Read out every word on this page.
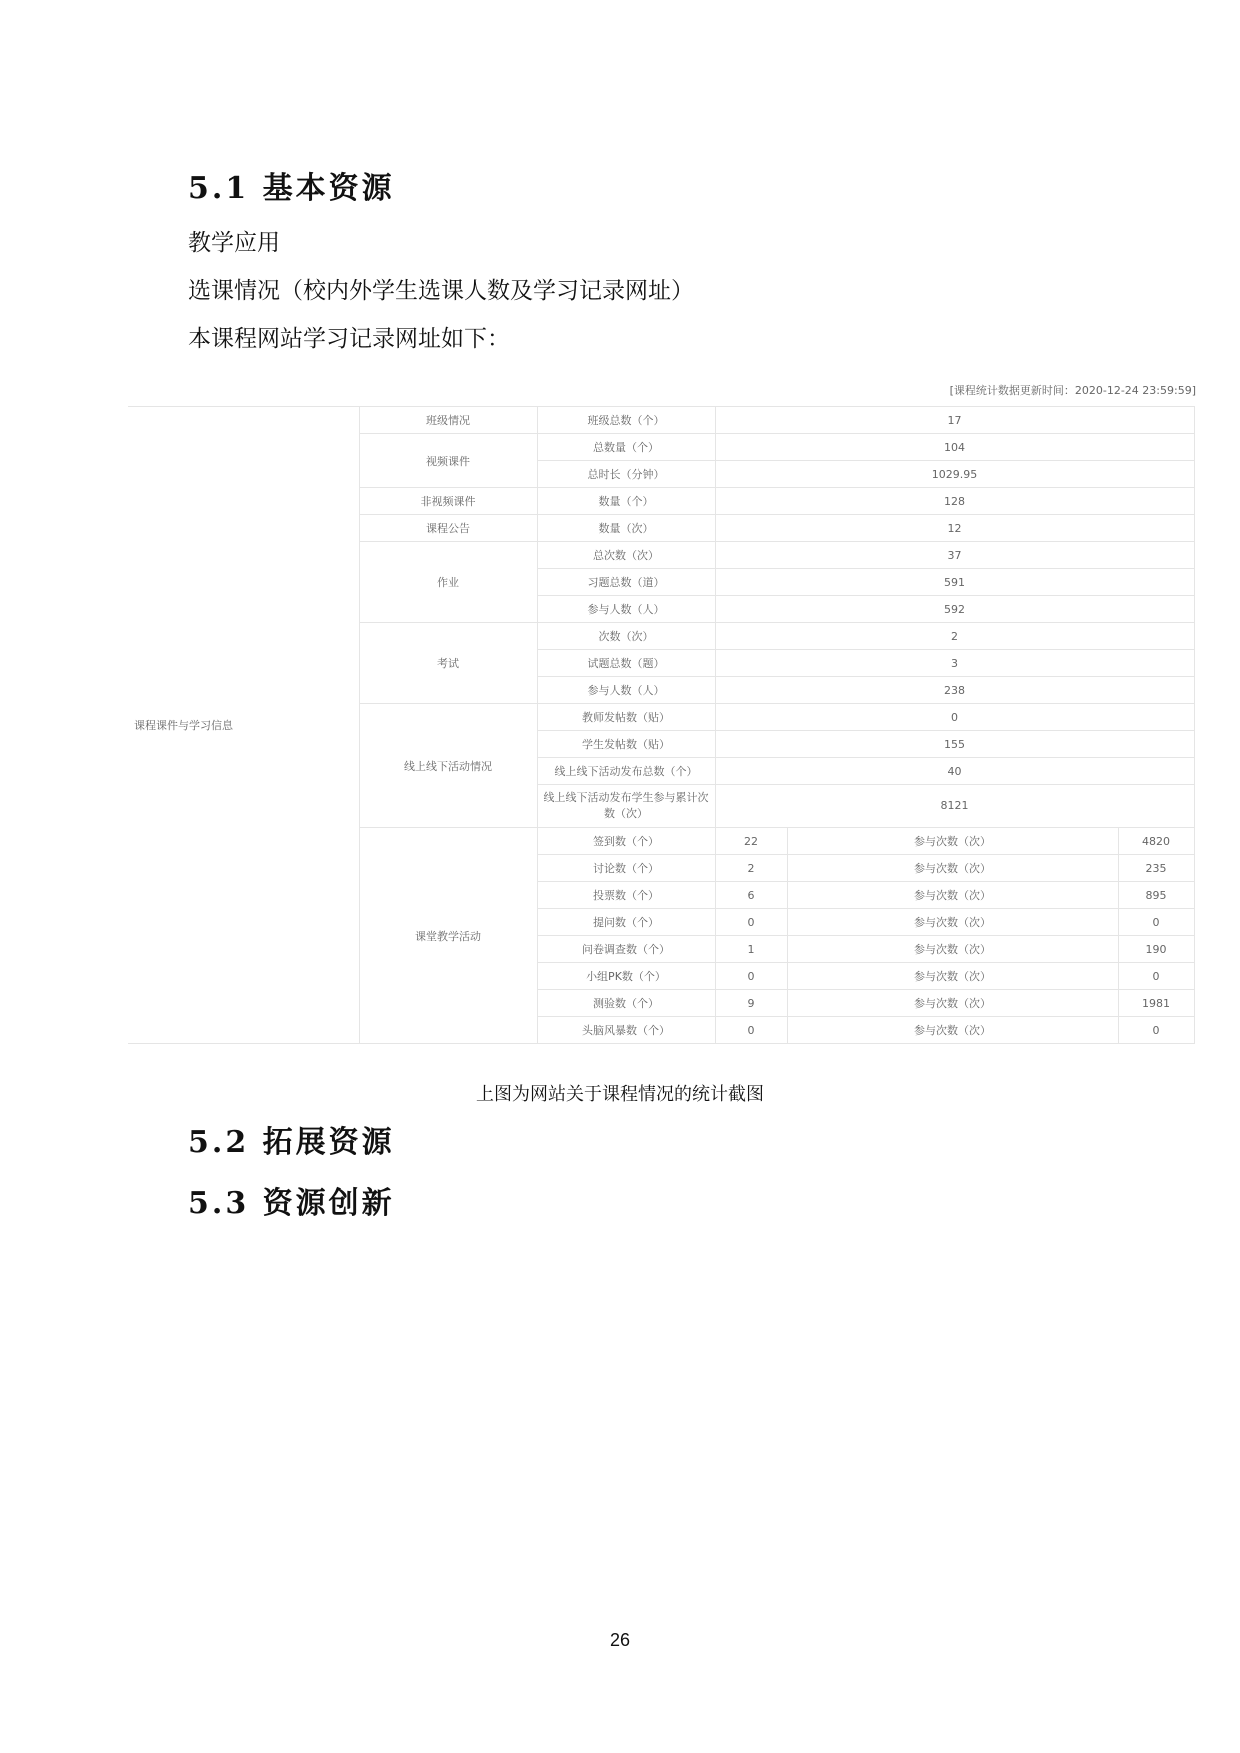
5.1 基本资源

教学应用

选课情况（校内外学生选课人数及学习记录网址）

本课程网站学习记录网址如下：

[课程统计数据更新时间：2020-12-24 23:59:59]
课程课件与学习信息	班级情况	班级总数（个）	17		
	视频课件	总数量（个）	104		
		总时长（分钟）	1029.95		
	非视频课件	数量（个）	128		
	课程公告	数量（次）	12		
	作业	总次数（次）	37		
		习题总数（道）	591		
		参与人数（人）	592		
	考试	次数（次）	2		
		试题总数（题）	3		
		参与人数（人）	238		
	线上线下活动情况	教师发帖数（贴）	0		
		学生发帖数（贴）	155		
		线上线下活动发布总数（个）	40		
		线上线下活动发布学生参与累计次数（次）	8121		
	课堂教学活动	签到数（个）	22	参与次数（次）	4820
		讨论数（个）	2	参与次数（次）	235
		投票数（个）	6	参与次数（次）	895
		提问数（个）	0	参与次数（次）	0
		问卷调查数（个）	1	参与次数（次）	190
		小组PK数（个）	0	参与次数（次）	0
		测验数（个）	9	参与次数（次）	1981
		头脑风暴数（个）	0	参与次数（次）	0

上图为网站关于课程情况的统计截图

5.2 拓展资源
5.3 资源创新

26
